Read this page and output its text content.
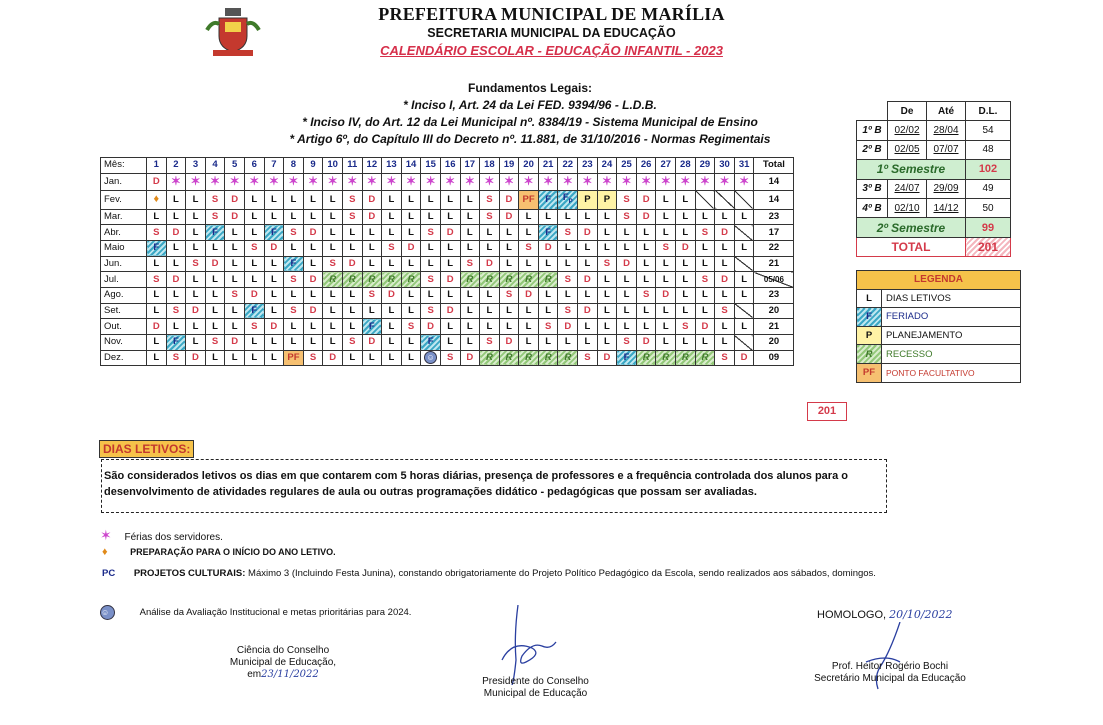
PREFEITURA MUNICIPAL DE MARÍLIA
SECRETARIA MUNICIPAL DA EDUCAÇÃO
CALENDÁRIO ESCOLAR - EDUCAÇÃO INFANTIL - 2023
Fundamentos Legais:
* Inciso I, Art. 24 da Lei FED. 9394/96 - L.D.B.
* Inciso IV, do Art. 12 da Lei Municipal nº. 8384/19 - Sistema Municipal de Ensino
* Artigo 6º, do Capítulo III do Decreto nº. 11.881, de 31/10/2016 - Normas Regimentais
Mês:	1	2	3	4	5	6	7	8	9	10	11	12	13	14	15	16	17	18	19	20	21	22	23	24	25	26	27	28	29	30	31	Total
Jan.	D	✶	✶	✶	✶	✶	✶	✶	✶	✶	✶	✶	✶	✶	✶	✶	✶	✶	✶	✶	✶	✶	✶	✶	✶	✶	✶	✶	✶	✶	✶	14
Fev.	♦	L	L	S	D	L	L	L	L	L	S	D	L	L	L	L	L	S	D	PF	F	$F_P$	P	P	S	D	L	L				14
Mar.	L	L	L	S	D	L	L	L	L	L	S	D	L	L	L	L	L	S	D	L	L	L	L	L	S	D	L	L	L	L	L	23
Abr.	S	D	L	F	L	L	F	S	D	L	L	L	L	L	S	D	L	L	L	L	F	S	D	L	L	L	L	L	S	D		17
Maio	F	L	L	L	L	S	D	L	L	L	L	L	S	D	L	L	L	L	L	S	D	L	L	L	L	L	S	D	L	L	L	22
Jun.	L	L	S	D	L	L	L	F	L	S	D	L	L	L	L	L	S	D	L	L	L	L	L	S	D	L	L	L	L	L		21
Jul.	S	D	L	L	L	L	L	S	D	R	R	R	R	R	S	D	R	R	R	R	R	S	D	L	L	L	L	L	S	D	L	05/06
Ago.	L	L	L	L	S	D	L	L	L	L	L	S	D	L	L	L	L	L	S	D	L	L	L	L	L	S	D	L	L	L	L	23
Set.	L	S	D	L	L	F	L	S	D	L	L	L	L	L	S	D	L	L	L	L	L	S	D	L	L	L	L	L	L	S		20
Out.	D	L	L	L	L	S	D	L	L	L	L	F	L	S	D	L	L	L	L	L	S	D	L	L	L	L	L	S	D	L	L	21
Nov.	L	F	L	S	D	L	L	L	L	L	S	D	L	L	F	L	L	S	D	L	L	L	L	L	S	D	L	L	L	L		20
Dez.	L	S	D	L	L	L	L	PF	S	D	L	L	L	L	☺	S	D	R	R	R	R	R	S	D	F	R	R	R	R	S	D	09
201
	De	Até	D.L.
1º B	02/02	28/04	54
2º B	02/05	07/07	48
1º Semestre			102
3º B	24/07	29/09	49
4º B	02/10	14/12	50
2º Semestre			99
TOTAL			201
LEGENDA	
L	DIAS LETIVOS
F	FERIADO
P	PLANEJAMENTO
R	RECESSO
PF	PONTO FACULTATIVO
DIAS LETIVOS:
São considerados letivos os dias em que contarem com 5 horas diárias, presença de professores e a frequência controlada dos alunos para o desenvolvimento de atividades regulares de aula ou outras programações didático - pedagógicas que possam ser avaliadas.
✶ Férias dos servidores.
♦	PREPARAÇÃO PARA O INÍCIO DO ANO LETIVO.
PC PROJETOS CULTURAIS: Máximo 3 (Incluindo Festa Junina), constando obrigatoriamente do Projeto Político Pedagógico da Escola, sendo realizados aos sábados, domingos.
☺	Análise da Avaliação Institucional e metas prioritárias para 2024.
Ciência do Conselho
Municipal de Educação,
em23/11/2022
Presidente do Conselho
Municipal de Educação
HOMOLOGO, 20/10/2022
Prof. Heitor Rogério Bochi
Secretário Municipal da Educação
